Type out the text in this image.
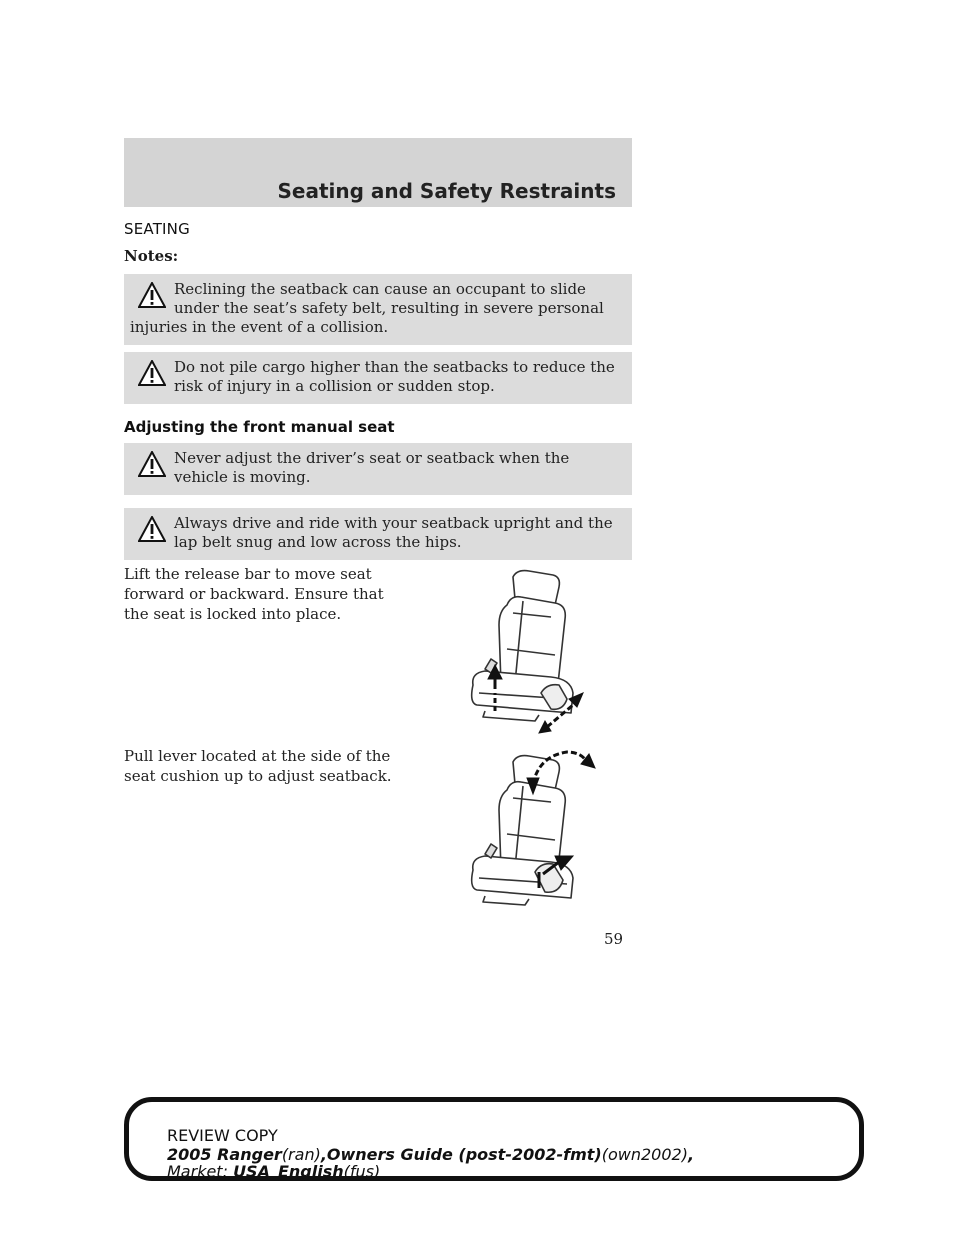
Seating and Safety Restraints
SEATING
Notes:
Reclining the seatback can cause an occupant to slide under the seat’s safety belt, resulting in severe personal injuries in the event of a collision.
Do not pile cargo higher than the seatbacks to reduce the risk of injury in a collision or sudden stop.
Adjusting the front manual seat
Never adjust the driver’s seat or seatback when the vehicle is moving.
Always drive and ride with your seatback upright and the lap belt snug and low across the hips.
Lift the release bar to move seat forward or backward. Ensure that the seat is locked into place.
Pull lever located at the side of the seat cushion up to adjust seatback.
59
REVIEW COPY
2005 Ranger(ran),Owners Guide (post-2002-fmt)(own2002),
Market: USA_English(fus)
